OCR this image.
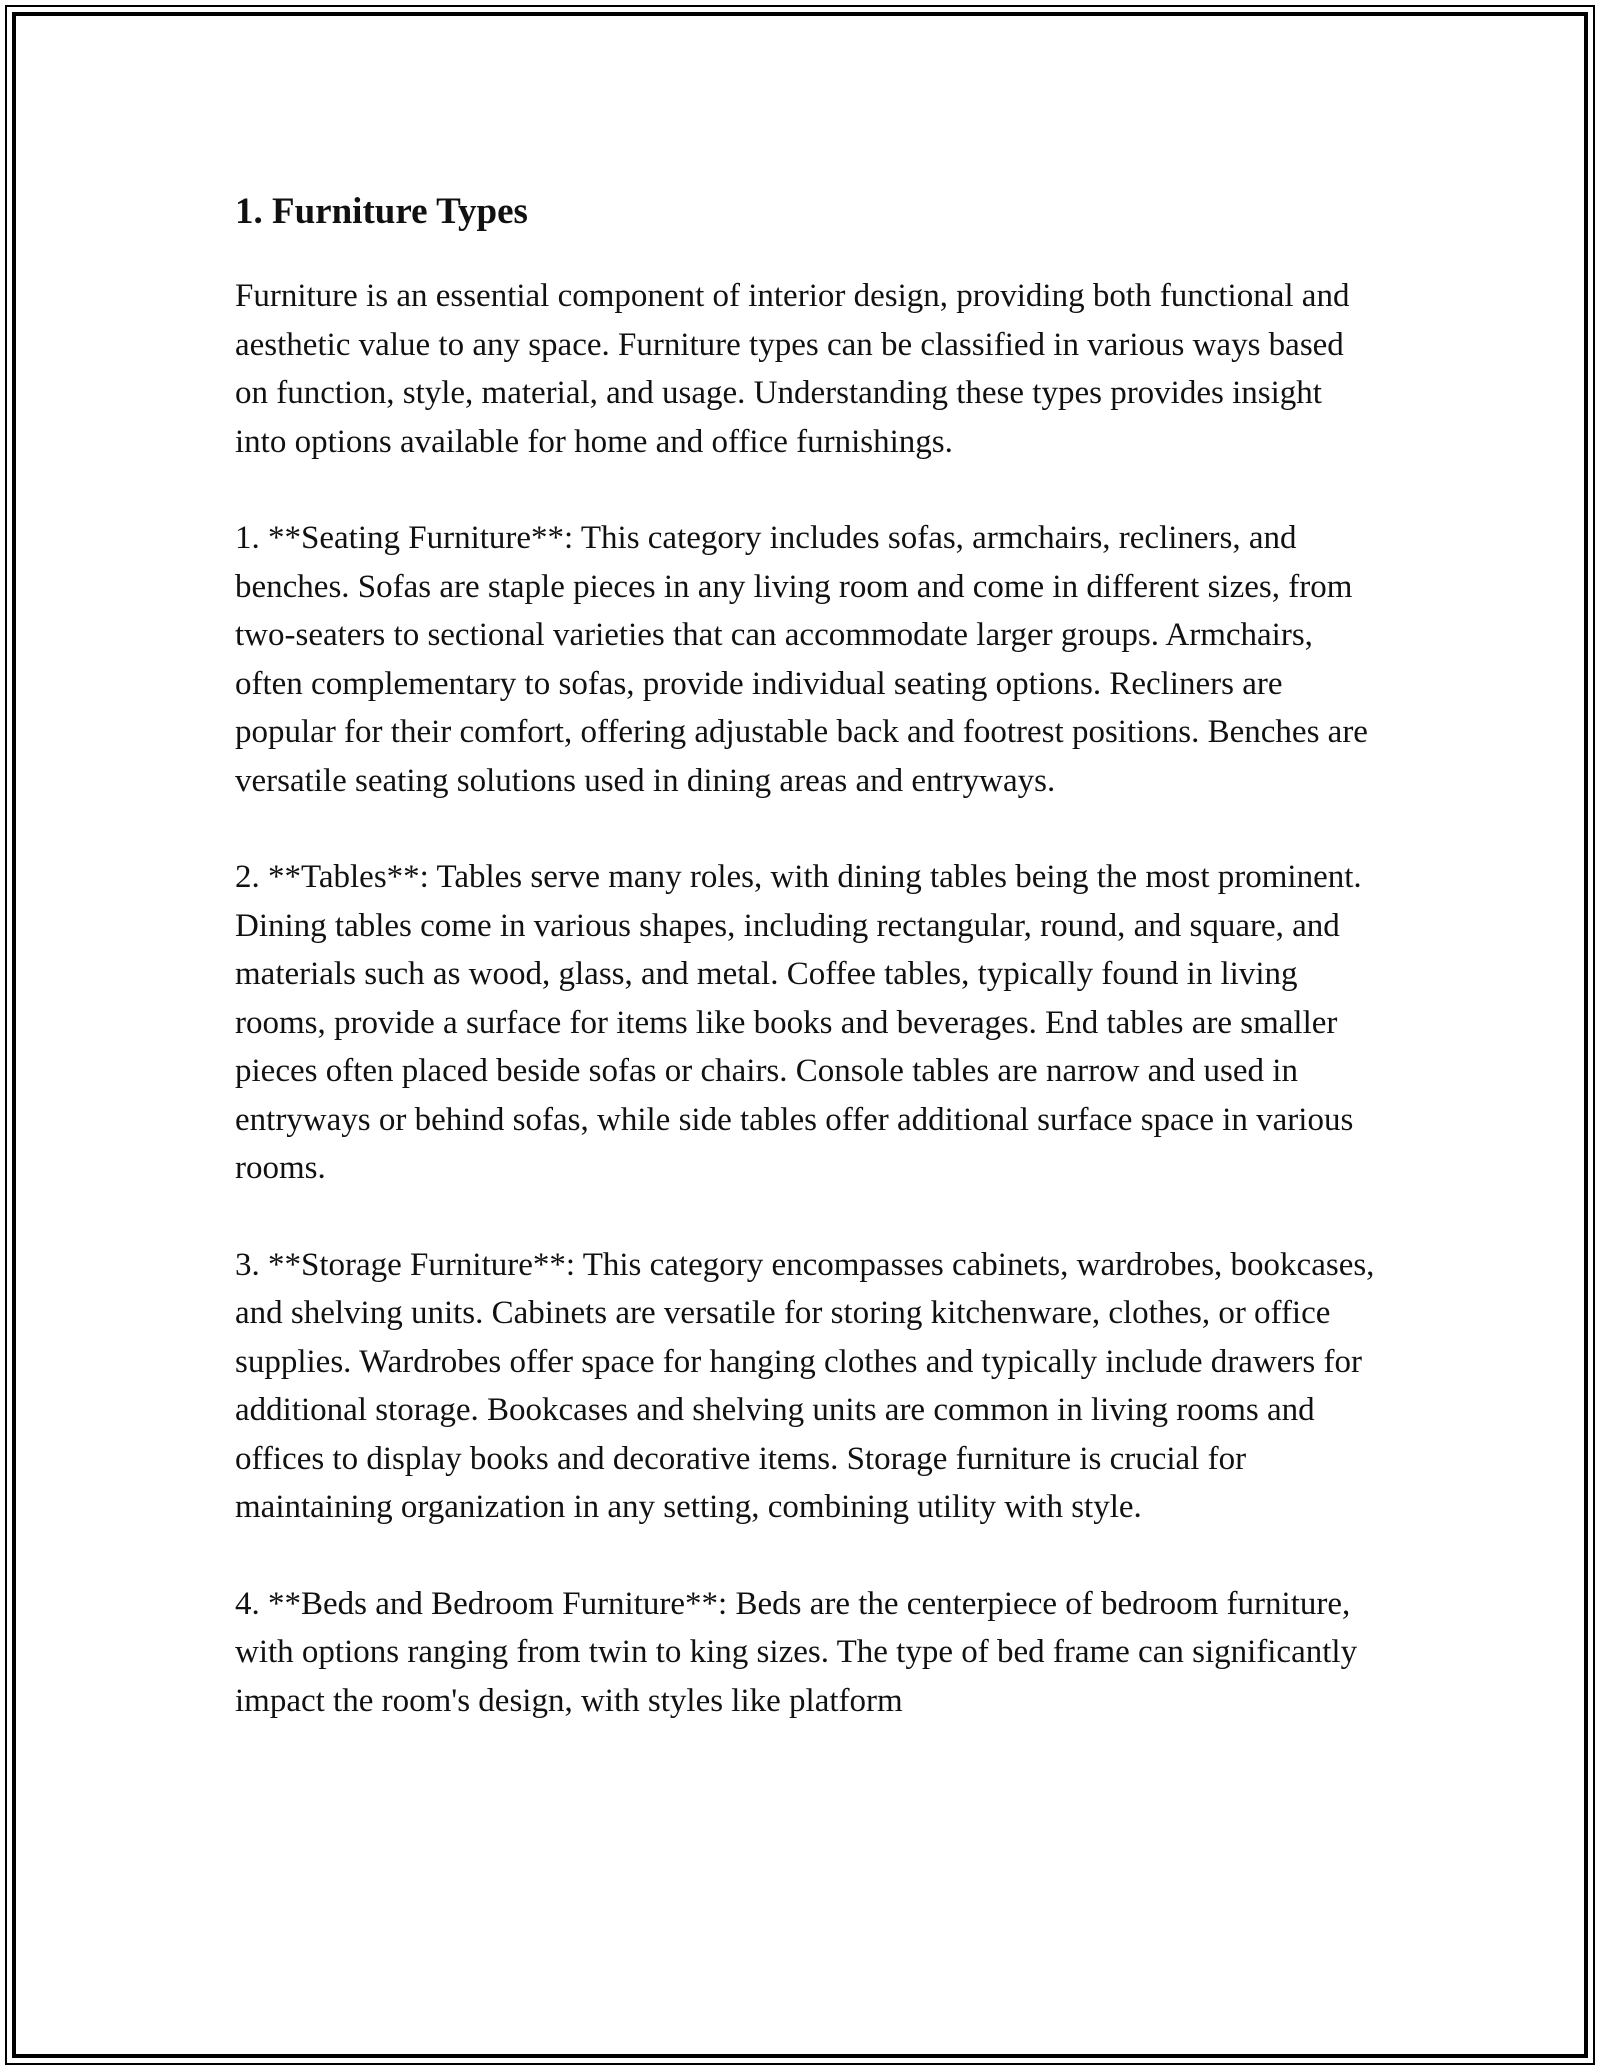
1. Furniture Types

Furniture is an essential component of interior design, providing both functional and aesthetic value to any space. Furniture types can be classified in various ways based on function, style, material, and usage. Understanding these types provides insight into options available for home and office furnishings.

1. **Seating Furniture**: This category includes sofas, armchairs, recliners, and benches. Sofas are staple pieces in any living room and come in different sizes, from two-seaters to sectional varieties that can accommodate larger groups. Armchairs, often complementary to sofas, provide individual seating options. Recliners are popular for their comfort, offering adjustable back and footrest positions. Benches are versatile seating solutions used in dining areas and entryways.

2. **Tables**: Tables serve many roles, with dining tables being the most prominent. Dining tables come in various shapes, including rectangular, round, and square, and materials such as wood, glass, and metal. Coffee tables, typically found in living rooms, provide a surface for items like books and beverages. End tables are smaller pieces often placed beside sofas or chairs. Console tables are narrow and used in entryways or behind sofas, while side tables offer additional surface space in various rooms.

3. **Storage Furniture**: This category encompasses cabinets, wardrobes, bookcases, and shelving units. Cabinets are versatile for storing kitchenware, clothes, or office supplies. Wardrobes offer space for hanging clothes and typically include drawers for additional storage. Bookcases and shelving units are common in living rooms and offices to display books and decorative items. Storage furniture is crucial for maintaining organization in any setting, combining utility with style.

4. **Beds and Bedroom Furniture**: Beds are the centerpiece of bedroom furniture, with options ranging from twin to king sizes. The type of bed frame can significantly impact the room's design, with styles like platform
